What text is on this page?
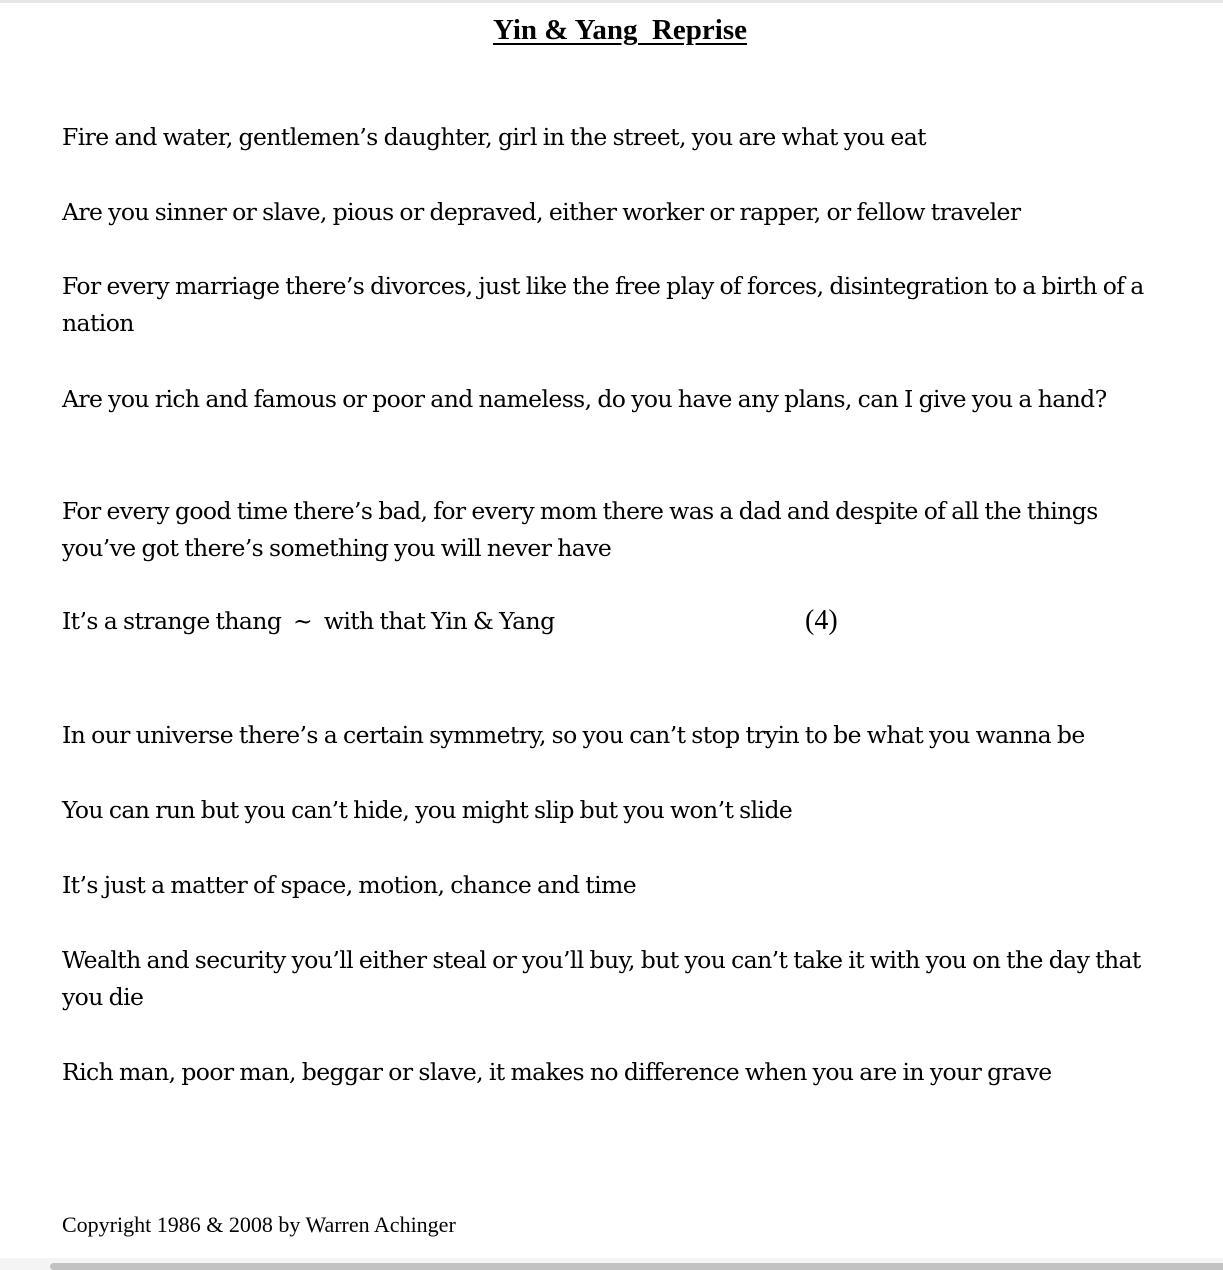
Yin & Yang  Reprise

Fire and water, gentlemen’s daughter, girl in the street, you are what you eat

Are you sinner or slave, pious or depraved, either worker or rapper, or fellow traveler

For every marriage there’s divorces, just like the free play of forces, disintegration to a birth of a nation

Are you rich and famous or poor and nameless, do you have any plans, can I give you a hand?

For every good time there’s bad, for every mom there was a dad and despite of all the things you’ve got there’s something you will never have

It’s a strange thang  ~  with that Yin & Yang	(4)

In our universe there’s a certain symmetry, so you can’t stop tryin to be what you wanna be

You can run but you can’t hide, you might slip but you won’t slide

It’s just a matter of space, motion, chance and time

Wealth and security you’ll either steal or you’ll buy, but you can’t take it with you on the day that you die

Rich man, poor man, beggar or slave, it makes no difference when you are in your grave

Copyright 1986 & 2008 by Warren Achinger
